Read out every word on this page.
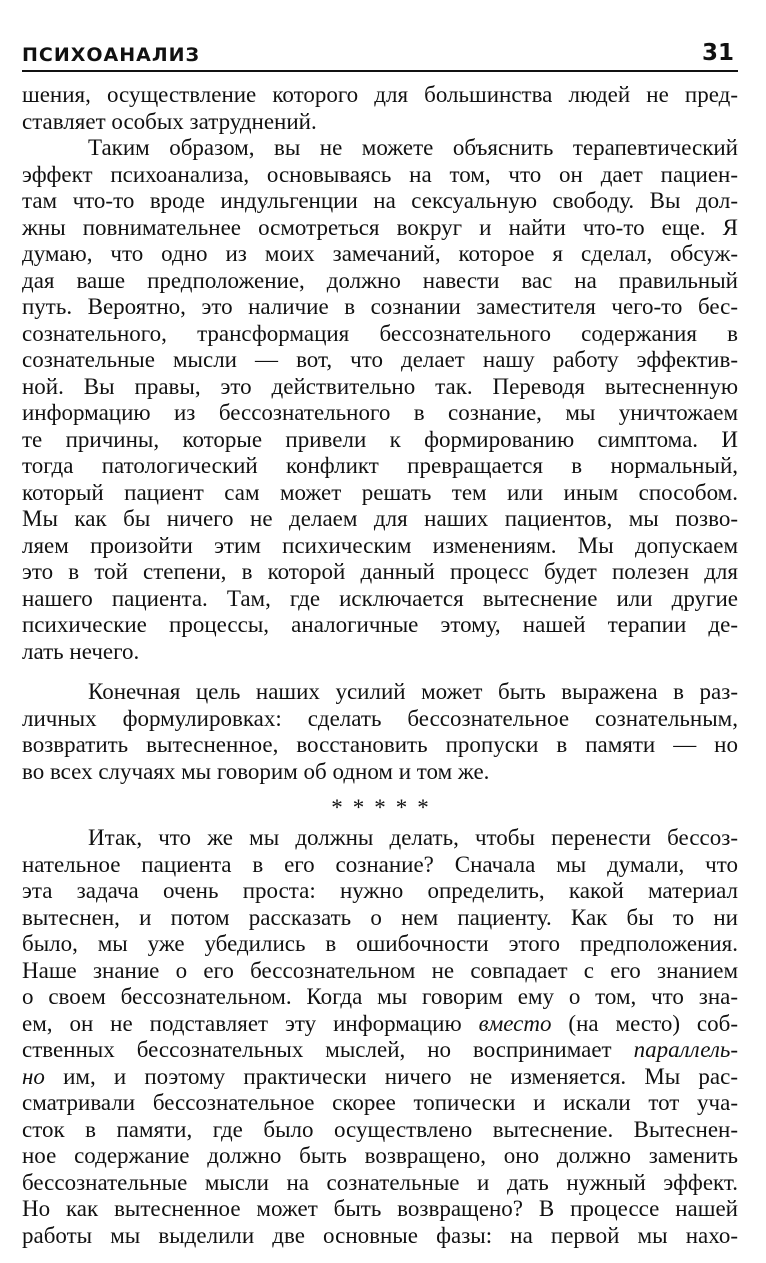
ПСИХОАНАЛИЗ	31

шения, осуществление которого для большинства людей не пред-

ставляет особых затруднений.

Таким образом, вы не можете объяснить терапевтический

эффект психоанализа, основываясь на том, что он дает пациен-

там что-то вроде индульгенции на сексуальную свободу. Вы дол-

жны повнимательнее осмотреться вокруг и найти что-то еще. Я

думаю, что одно из моих замечаний, которое я сделал, обсуж-

дая ваше предположение, должно навести вас на правильный

путь. Вероятно, это наличие в сознании заместителя чего-то бес-

сознательного, трансформация бессознательного содержания в

сознательные мысли — вот, что делает нашу работу эффектив-

ной. Вы правы, это действительно так. Переводя вытесненную

информацию из бессознательного в сознание, мы уничтожаем

те причины, которые привели к формированию симптома. И

тогда патологический конфликт превращается в нормальный,

который пациент сам может решать тем или иным способом.

Мы как бы ничего не делаем для наших пациентов, мы позво-

ляем произойти этим психическим изменениям. Мы допускаем

это в той степени, в которой данный процесс будет полезен для

нашего пациента. Там, где исключается вытеснение или другие

психические процессы, аналогичные этому, нашей терапии де-

лать нечего.

Конечная цель наших усилий может быть выражена в раз-

личных формулировках: сделать бессознательное сознательным,

возвратить вытесненное, восстановить пропуски в памяти — но

во всех случаях мы говорим об одном и том же.

*****

Итак, что же мы должны делать, чтобы перенести бессоз-

нательное пациента в его сознание? Сначала мы думали, что

эта задача очень проста: нужно определить, какой материал

вытеснен, и потом рассказать о нем пациенту. Как бы то ни

было, мы уже убедились в ошибочности этого предположения.

Наше знание о его бессознательном не совпадает с его знанием

о своем бессознательном. Когда мы говорим ему о том, что зна-

ем, он не подставляет эту информацию вместо (на место) соб-

ственных бессознательных мыслей, но воспринимает параллель-

но им, и поэтому практически ничего не изменяется. Мы рас-

сматривали бессознательное скорее топически и искали тот уча-

сток в памяти, где было осуществлено вытеснение. Вытеснен-

ное содержание должно быть возвращено, оно должно заменить

бессознательные мысли на сознательные и дать нужный эффект.

Но как вытесненное может быть возвращено? В процессе нашей

работы мы выделили две основные фазы: на первой мы нахо-
